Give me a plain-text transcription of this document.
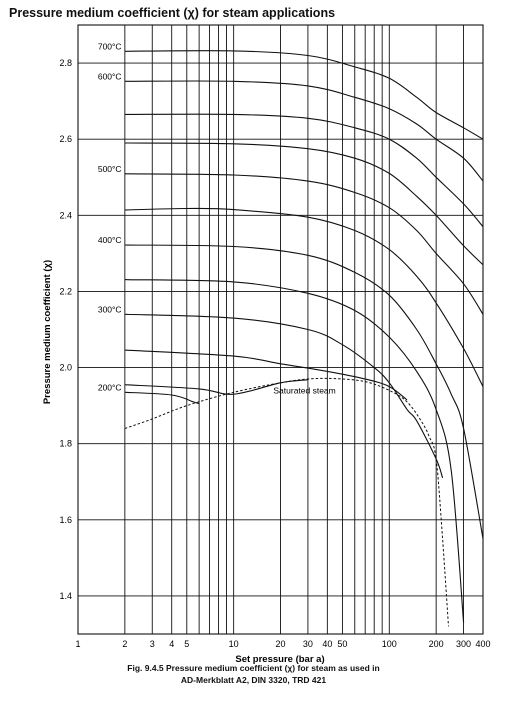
Pressure medium coefficient (χ) for steam applications
Saturated steam
700°C
600°C
500°C
400°C
300°C
200°C
1	2 3 4 5	10	20 30 40 50	100	200 300 400
1.4
1.6
1.8
2.0
2.2
2.4
2.6
2.8
Set pressure (bar a)
Pressure medium coefficient (χ)
Fig. 9.4.5 Pressure medium coefficient (χ) for steam as used in
AD-Merkblatt A2, DIN 3320, TRD 421
